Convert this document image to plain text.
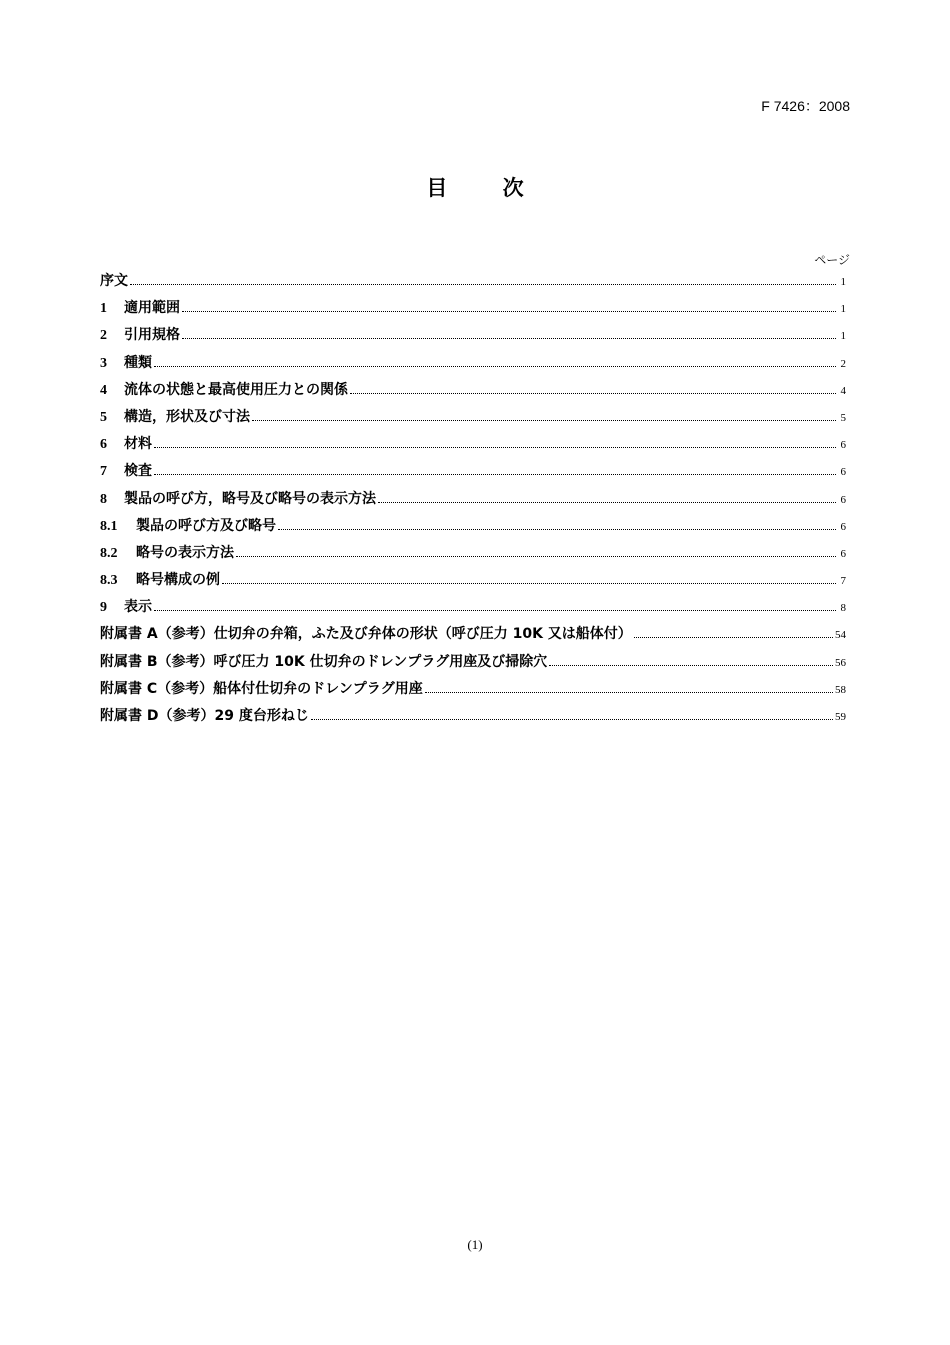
F 7426：2008
目 次
ページ
序文	1
1	適用範囲	1
2	引用規格	1
3	種類	2
4	流体の状態と最高使用圧力との関係	4
5	構造，形状及び寸法	5
6	材料	6
7	検査	6
8	製品の呼び方，略号及び略号の表示方法	6
8.1	製品の呼び方及び略号	6
8.2	略号の表示方法	6
8.3	略号構成の例	7
9	表示	8
附属書 A（参考）仕切弁の弁箱，ふた及び弁体の形状（呼び圧力 10K 又は船体付）	54
附属書 B（参考）呼び圧力 10K 仕切弁のドレンプラグ用座及び掃除穴	56
附属書 C（参考）船体付仕切弁のドレンプラグ用座	58
附属書 D（参考）29 度台形ねじ	59
(1)
